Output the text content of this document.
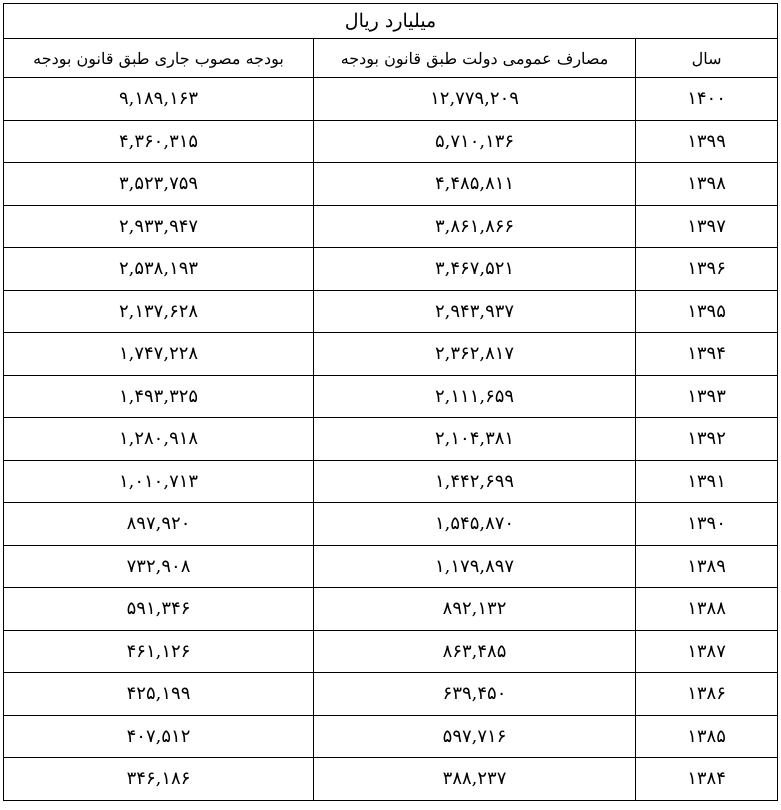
میلیارد ریال		
سال	مصارف عمومی دولت طبق قانون بودجه	بودجه مصوب جاری طبق قانون بودجه
۱۴۰۰	۱۲,۷۷۹,۲۰۹	۹,۱۸۹,۱۶۳
۱۳۹۹	۵,۷۱۰,۱۳۶	۴,۳۶۰,۳۱۵
۱۳۹۸	۴,۴۸۵,۸۱۱	۳,۵۲۳,۷۵۹
۱۳۹۷	۳,۸۶۱,۸۶۶	۲,۹۳۳,۹۴۷
۱۳۹۶	۳,۴۶۷,۵۲۱	۲,۵۳۸,۱۹۳
۱۳۹۵	۲,۹۴۳,۹۳۷	۲,۱۳۷,۶۲۸
۱۳۹۴	۲,۳۶۲,۸۱۷	۱,۷۴۷,۲۲۸
۱۳۹۳	۲,۱۱۱,۶۵۹	۱,۴۹۳,۳۲۵
۱۳۹۲	۲,۱۰۴,۳۸۱	۱,۲۸۰,۹۱۸
۱۳۹۱	۱,۴۴۲,۶۹۹	۱,۰۱۰,۷۱۳
۱۳۹۰	۱,۵۴۵,۸۷۰	۸۹۷,۹۲۰
۱۳۸۹	۱,۱۷۹,۸۹۷	۷۳۲,۹۰۸
۱۳۸۸	۸۹۲,۱۳۲	۵۹۱,۳۴۶
۱۳۸۷	۸۶۳,۴۸۵	۴۶۱,۱۲۶
۱۳۸۶	۶۳۹,۴۵۰	۴۲۵,۱۹۹
۱۳۸۵	۵۹۷,۷۱۶	۴۰۷,۵۱۲
۱۳۸۴	۳۸۸,۲۳۷	۳۴۶,۱۸۶
